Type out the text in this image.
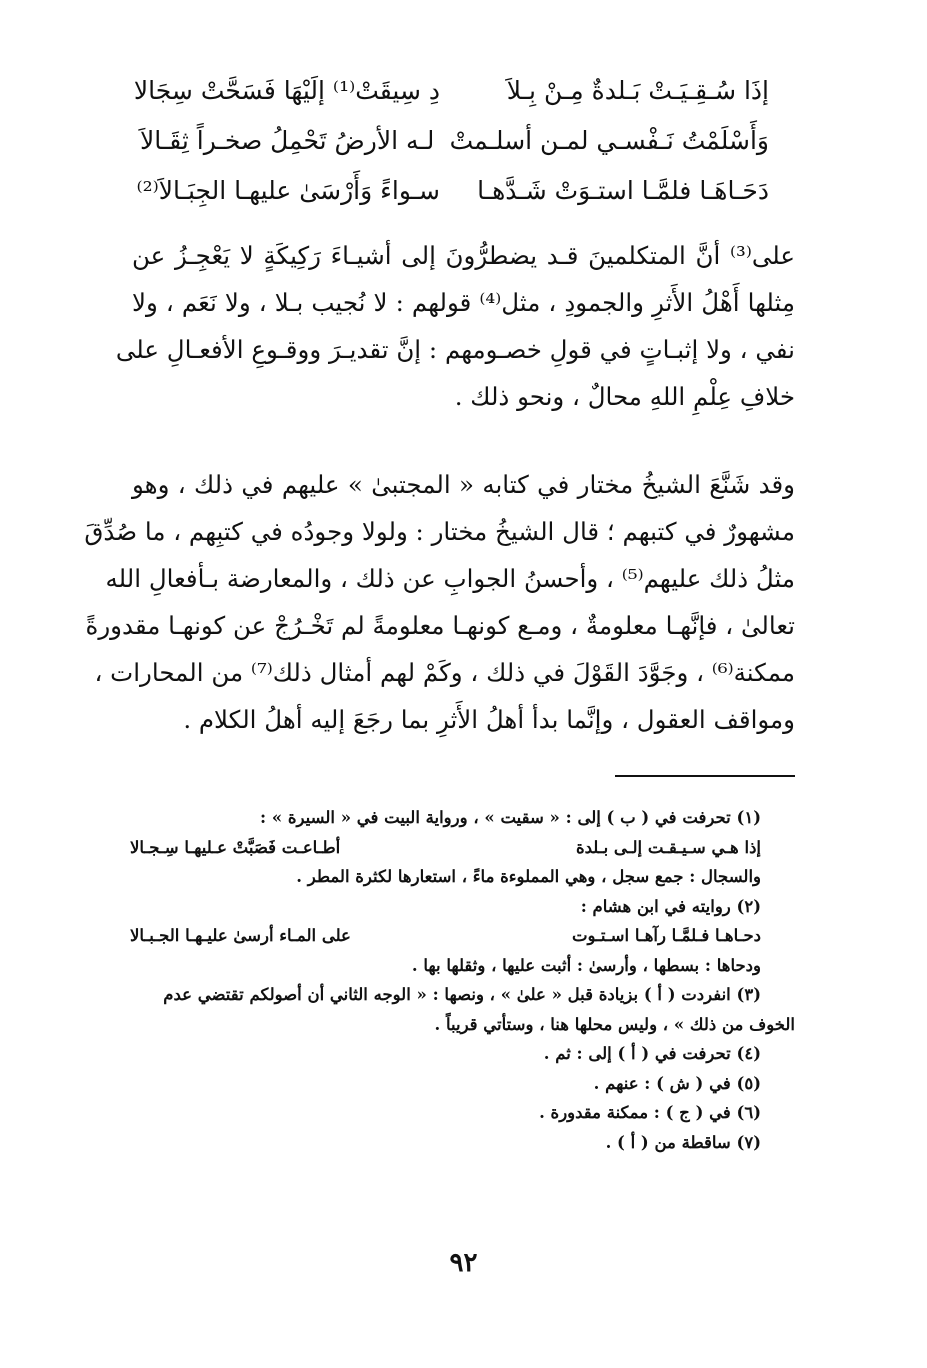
إذَا سُـقِـيَـتْ بَـلدةٌ مِـنْ بِـلاَ
دِ سِيقَتْ⁽¹⁾ إلَيْهَا فَسَحَّتْ سِجَالا
وَأَسْلَمْتُ نَـفْسـي لمـن أسلـمتْ
لـه الأرضُ تَحْمِلُ صخـراً ثِقَـالاَ
دَحَـاهَـا فلمَّـا استـوَتْ شَـدَّهـا
سـواءً وَأَرْسَىٰ عليهـا الجِبَـالاَ⁽²⁾
على⁽³⁾ أنَّ المتكلمينَ قـد يضطرُّونَ إلى أشيـاءَ رَكِيكَةٍ لا يَعْجِـزُ عن
مِثلها أَهْلُ الأَثرِ والجمودِ ، مثل⁽⁴⁾ قولهم : لا نُجيب بـلا ، ولا نَعَم ، ولا
نفي ، ولا إثبـاتٍ في قولِ خصـومهم : إنَّ تقديـرَ ووقـوعِ الأفعـالِ على
خلافِ عِلْمِ اللهِ محالٌ ، ونحو ذلك .
وقد شَنَّعَ الشيخُ مختار في كتابه « المجتبىٰ » عليهم في ذلك ، وهو
مشهورٌ في كتبهم ؛ قال الشيخُ مختار : ولولا وجودُه في كتبِهم ، ما صُدِّقَ
مثلُ ذلك عليهم⁽⁵⁾ ، وأحسنُ الجوابِ عن ذلك ، والمعارضة بـأفعالِ الله
تعالىٰ ، فإنَّهـا معلومةٌ ، ومـع كونهـا معلومةً لم تَخْـرُجْ عن كونهـا مقدورةً
ممكنة⁽⁶⁾ ، وجَوَّدَ القَوْلَ في ذلك ، وكَمْ لهم أمثال ذلك⁽⁷⁾ من المحارات ،
ومواقف العقول ، وإنَّما بدأ أهلُ الأَثرِ بما رجَعَ إليه أهلُ الكلام .
(١) تحرفت في ( ب ) إلى : « سقيت » ، ورواية البيت في « السيرة » :
إذا هـي سـيـقـت إلـى بـلدة
أطـاعـت فَصَبَّتْ عـليهـا سِـجـالا
والسجال : جمع سجل ، وهي المملوءة ماءً ، استعارها لكثرة المطر .
(٢) روايته في ابن هشام :
دحـاهـا فـلمَّـا رآهـا اسـتـوت
على المـاء أرسىٰ عليـهـا الجـبـالا
ودحاها : بسطها ، وأرسىٰ : أثبت عليها ، وثقلها بها .
(٣) انفردت ( أ ) بزيادة قبل « علىٰ » ، ونصها : « الوجه الثاني أن أصولكم تقتضي عدم
الخوف من ذلك » ، وليس محلها هنا ، وستأتي قريباً .
(٤) تحرفت في ( أ ) إلى : ثم .
(٥) في ( ش ) : عنهم .
(٦) في ( ج ) : ممكنة مقدورة .
(٧) ساقطة من ( أ ) .
٩٢
